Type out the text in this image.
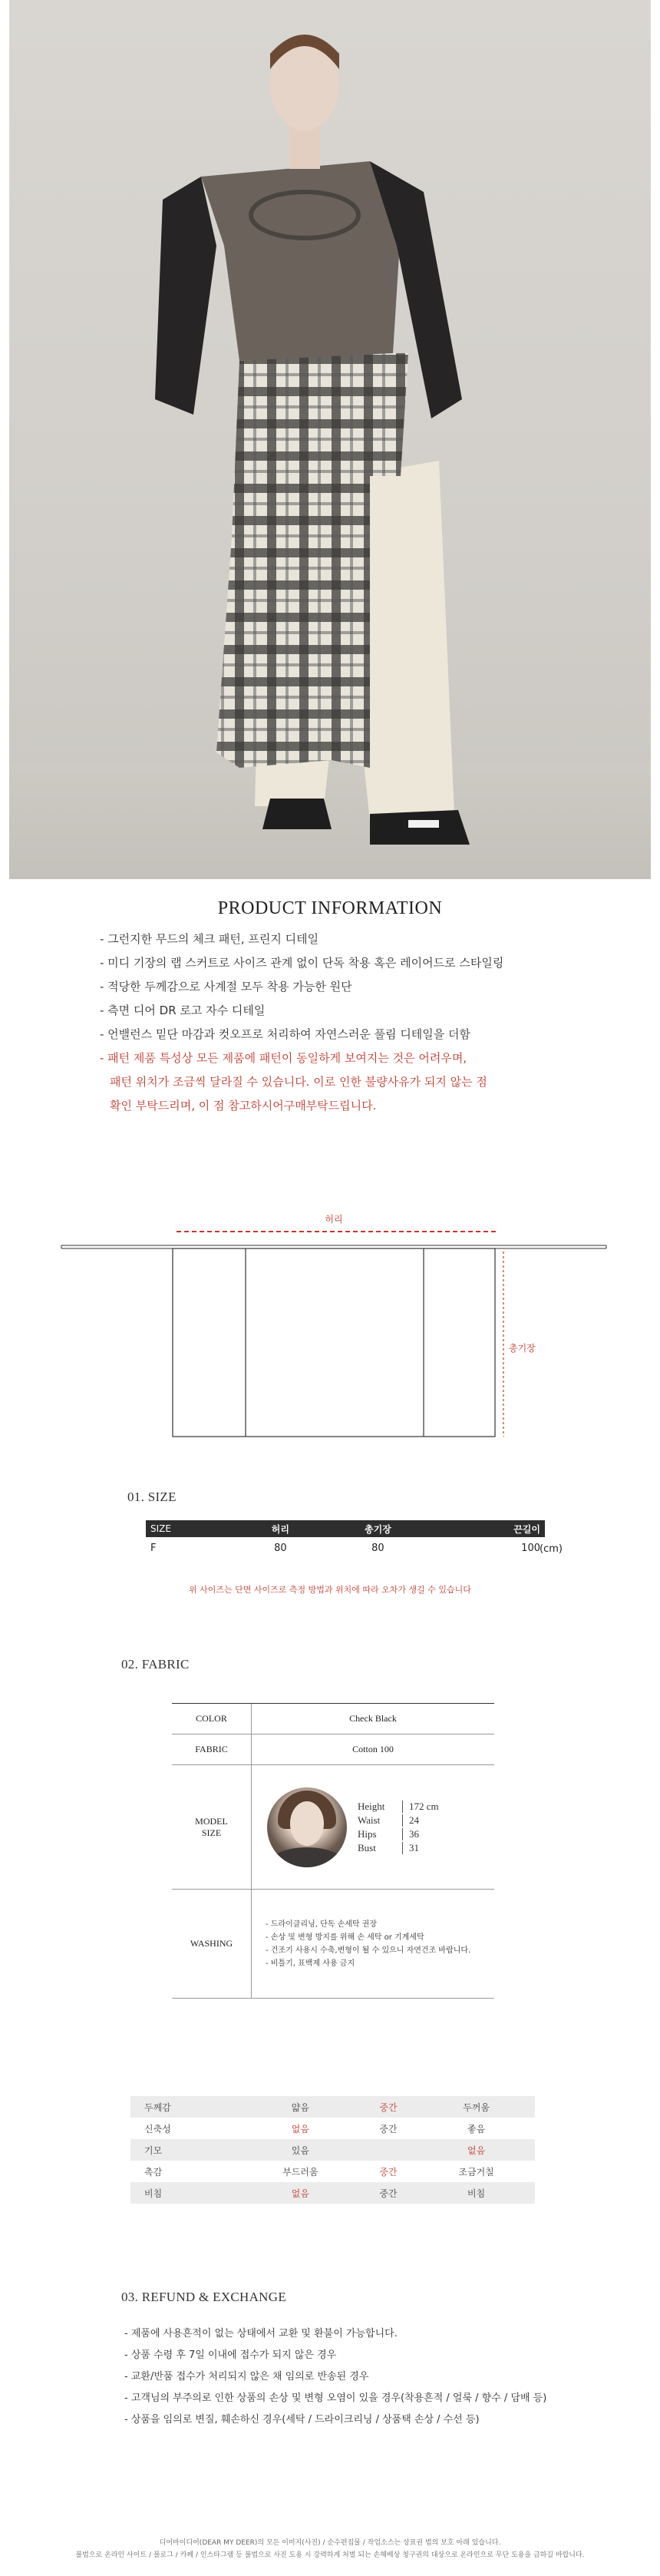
PRODUCT INFORMATION
- 그런지한 무드의 체크 패턴, 프린지 디테일
- 미디 기장의 랩 스커트로 사이즈 관계 없이 단독 착용 혹은 레이어드로 스타일링
- 적당한 두께감으로 사계절 모두 착용 가능한 원단
- 측면 디어 DR 로고 자수 디테일
- 언밸런스 밑단 마감과 컷오프로 처리하여 자연스러운 풀림 디테일을 더함
- 패턴 제품 특성상 모든 제품에 패턴이 동일하게 보여지는 것은 어려우며,
패턴 위치가 조금씩 달라질 수 있습니다. 이로 인한 불량사유가 되지 않는 점
확인 부탁드리며, 이 점 참고하시어구매부탁드립니다.
허리
총기장
01. SIZE
SIZE	허리	총기장	끈길이
F	80	80	100 (cm)
위 사이즈는 단면 사이즈로 측정 방법과 위치에 따라 오차가 생길 수 있습니다
02. FABRIC
COLOR	Check Black
FABRIC	Cotton 100
MODEL SIZE
Height	172 cm
Waist	24
Hips	36
Bust	31
WASHING
- 드라이클리닝, 단독 손세탁 권장
- 손상 및 변형 방지를 위해 손 세탁 or 기계세탁
- 건조기 사용시 수축,변형이 될 수 있으니 자연건조 바랍니다.
- 비틀기, 표백제 사용 금지
두께감	얇음	중간	두꺼움
신축성	없음	중간	좋음
기모	있음		없음
촉감	부드러움	중간	조금거칠
비침	없음	중간	비침
03. REFUND & EXCHANGE
- 제품에 사용흔적이 없는 상태에서 교환 및 환불이 가능합니다.
- 상품 수령 후 7일 이내에 접수가 되지 않은 경우
- 교환/반품 접수가 처리되지 않은 채 임의로 반송된 경우
- 고객님의 부주의로 인한 상품의 손상 및 변형 오염이 있을 경우(착용흔적 / 얼룩 / 향수 / 담배 등)
- 상품을 임의로 변질, 훼손하신 경우(세탁 / 드라이크리닝 / 상품택 손상 / 수선 등)
디어마이디어(DEAR MY DEER)의 모든 이미지(사진) / 순수편집물 / 작업소스는 상표권 법의 보호 아래 있습니다.
불법으로 온라인 사이트 / 블로그 / 카페 / 인스타그램 등 불법으로 사진 도용 시 강력하게 처벌 되는 손해배상 청구권의 대상으로 온라인으로 무단 도용을 금하길 바랍니다.
